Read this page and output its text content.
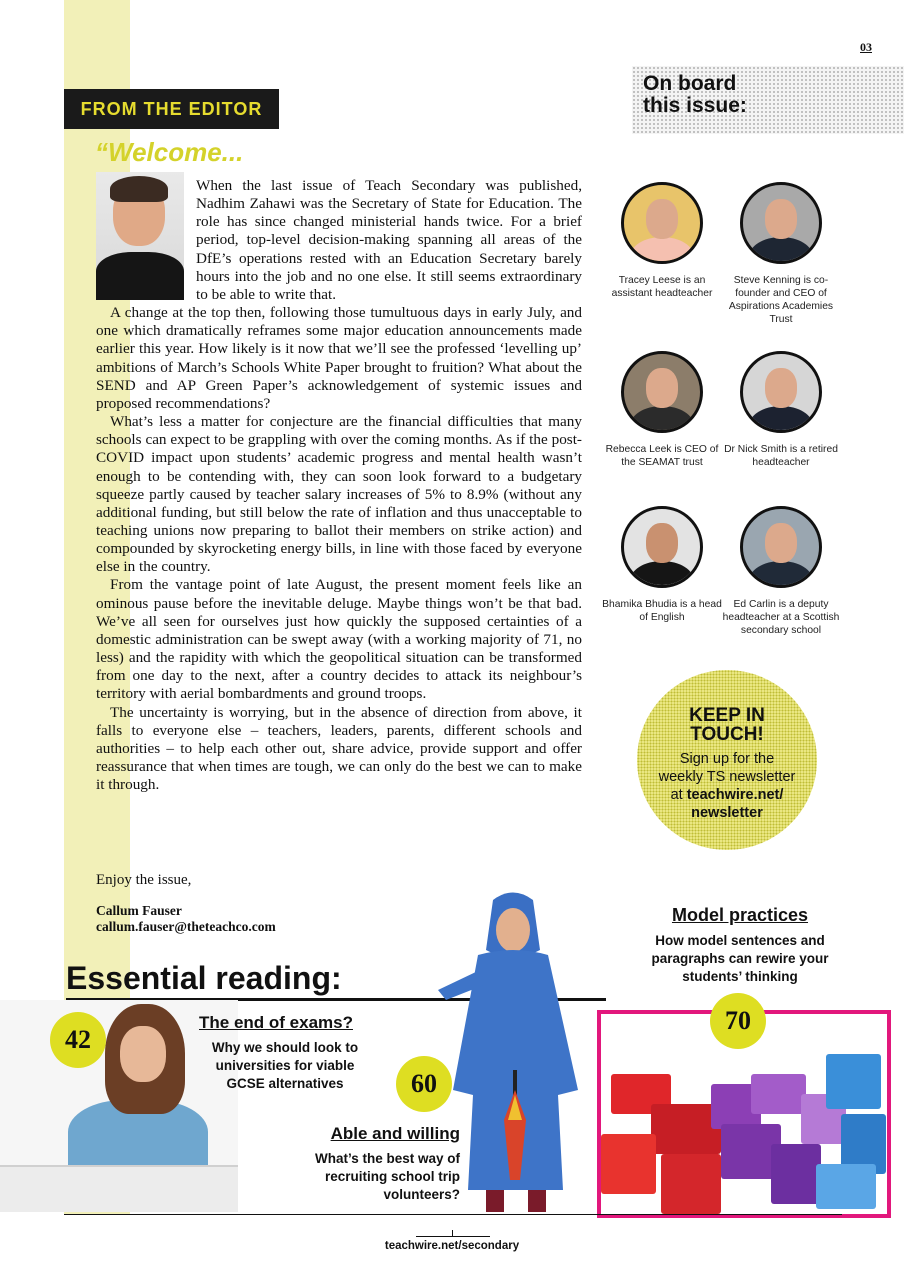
03
FROM THE EDITOR
“Welcome...

When the last issue of Teach Secondary was published, Nadhim Zahawi was the Secretary of State for Education. The role has since changed ministerial hands twice. For a brief period, top-level decision-making spanning all areas of the DfE’s operations rested with an Education Secretary barely hours into the job and no one else. It still seems extraordinary to be able to write that.

A change at the top then, following those tumultuous days in early July, and one which dramatically reframes some major education announcements made earlier this year. How likely is it now that we’ll see the professed ‘levelling up’ ambitions of March’s Schools White Paper brought to fruition? What about the SEND and AP Green Paper’s acknowledgement of systemic issues and proposed recommendations?

What’s less a matter for conjecture are the financial difficulties that many schools can expect to be grappling with over the coming months. As if the post-COVID impact upon students’ academic progress and mental health wasn’t enough to be contending with, they can soon look forward to a budgetary squeeze partly caused by teacher salary increases of 5% to 8.9% (without any additional funding, but still below the rate of inflation and thus unacceptable to teaching unions now preparing to ballot their members on strike action) and compounded by skyrocketing energy bills, in line with those faced by everyone else in the country.

From the vantage point of late August, the present moment feels like an ominous pause before the inevitable deluge. Maybe things won’t be that bad. We’ve all seen for ourselves just how quickly the supposed certainties of a domestic administration can be swept away (with a working majority of 71, no less) and the rapidity with which the geopolitical situation can be transformed from one day to the next, after a country decides to attack its neighbour’s territory with aerial bombardments and ground troops.

The uncertainty is worrying, but in the absence of direction from above, it falls to everyone else – teachers, leaders, parents, different schools and authorities – to help each other out, share advice, provide support and offer reassurance that when times are tough, we can only do the best we can to make it through.

Enjoy the issue,
Callum Fauser
callum.fauser@theteachco.com
On board
this issue:
Tracey Leese is an assistant headteacher
Steve Kenning is co-founder and CEO of Aspirations Academies Trust
Rebecca Leek is CEO of the SEAMAT trust
Dr Nick Smith is a retired headteacher
Bhamika Bhudia is a head of English
Ed Carlin is a deputy headteacher at a Scottish secondary school
KEEP IN
TOUCH!
Sign up for the
weekly TS newsletter
at teachwire.net/
newsletter
Model practices
How model sentences and paragraphs can rewire your students’ thinking
Essential reading:
42
The end of exams?
Why we should look to universities for viable GCSE alternatives	60
Able and willing
What’s the best way of recruiting school trip volunteers?
70
teachwire.net/secondary
